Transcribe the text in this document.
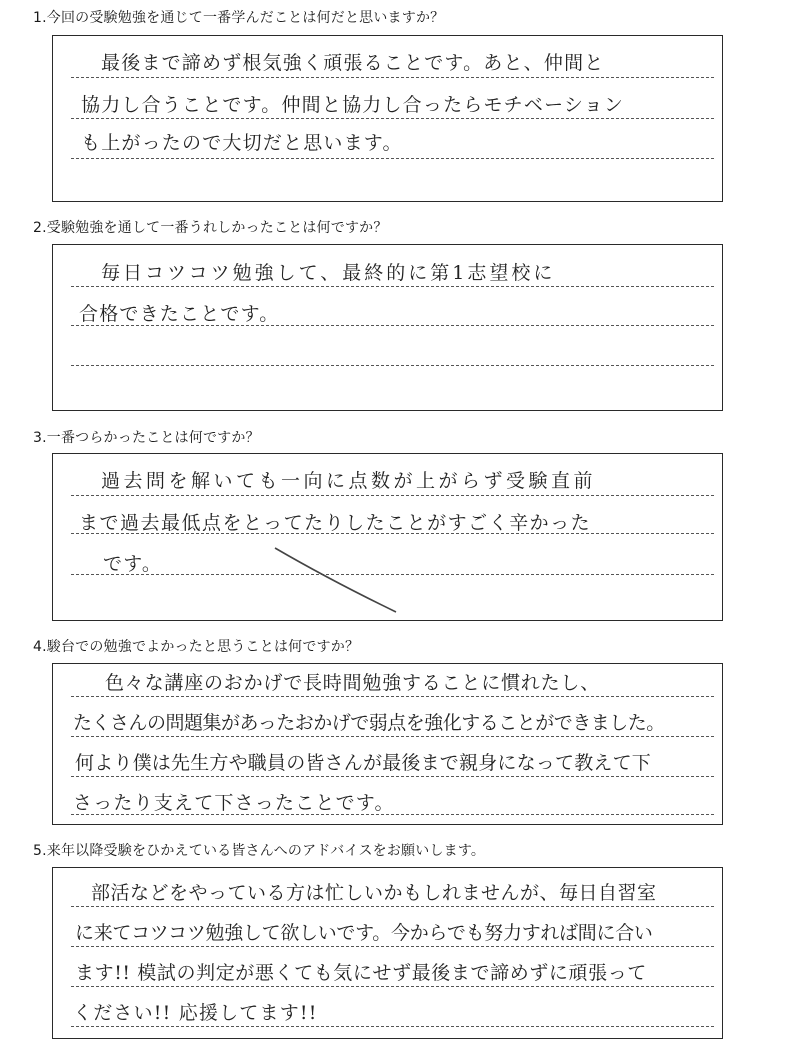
1.今回の受験勉強を通じて一番学んだことは何だと思いますか？
最後まで諦めず根気強く頑張ることです。あと、仲間と
協力し合うことです。仲間と協力し合ったらモチベーション
も上がったので大切だと思います。
2.受験勉強を通して一番うれしかったことは何ですか？
毎日コツコツ勉強して、最終的に第1志望校に
合格できたことです。
3.一番つらかったことは何ですか？
過去問を解いても一向に点数が上がらず受験直前
まで過去最低点をとってたりしたことがすごく辛かった
です。
4.駿台での勉強でよかったと思うことは何ですか？
色々な講座のおかげで長時間勉強することに慣れたし、
たくさんの問題集があったおかげで弱点を強化することができました。
何より僕は先生方や職員の皆さんが最後まで親身になって教えて下
さったり支えて下さったことです。
5.来年以降受験をひかえている皆さんへのアドバイスをお願いします。
部活などをやっている方は忙しいかもしれませんが、毎日自習室
に来てコツコツ勉強して欲しいです。今からでも努力すれば間に合い
ます!! 模試の判定が悪くても気にせず最後まで諦めずに頑張って
ください!! 応援してます!!
